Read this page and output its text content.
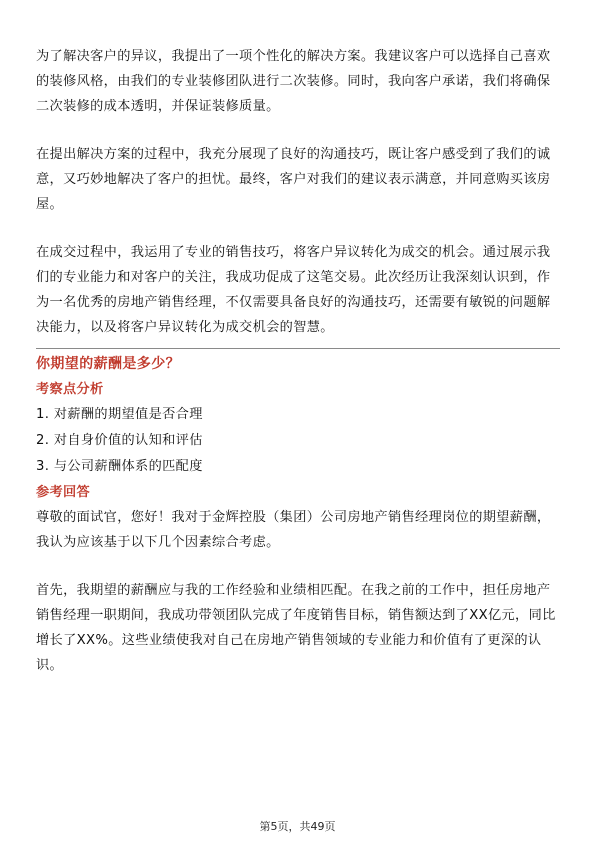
为了解决客户的异议，我提出了一项个性化的解决方案。我建议客户可以选择自己喜欢的装修风格，由我们的专业装修团队进行二次装修。同时，我向客户承诺，我们将确保二次装修的成本透明，并保证装修质量。

在提出解决方案的过程中，我充分展现了良好的沟通技巧，既让客户感受到了我们的诚意，又巧妙地解决了客户的担忧。最终，客户对我们的建议表示满意，并同意购买该房屋。

在成交过程中，我运用了专业的销售技巧，将客户异议转化为成交的机会。通过展示我们的专业能力和对客户的关注，我成功促成了这笔交易。此次经历让我深刻认识到，作为一名优秀的房地产销售经理，不仅需要具备良好的沟通技巧，还需要有敏锐的问题解决能力，以及将客户异议转化为成交机会的智慧。

你期望的薪酬是多少？
考察点分析
1. 对薪酬的期望值是否合理
2. 对自身价值的认知和评估
3. 与公司薪酬体系的匹配度
参考回答

尊敬的面试官，您好！我对于金辉控股（集团）公司房地产销售经理岗位的期望薪酬，我认为应该基于以下几个因素综合考虑。

首先，我期望的薪酬应与我的工作经验和业绩相匹配。在我之前的工作中，担任房地产销售经理一职期间，我成功带领团队完成了年度销售目标，销售额达到了XX亿元，同比增长了XX%。这些业绩使我对自己在房地产销售领域的专业能力和价值有了更深的认识。

第5页，共49页
